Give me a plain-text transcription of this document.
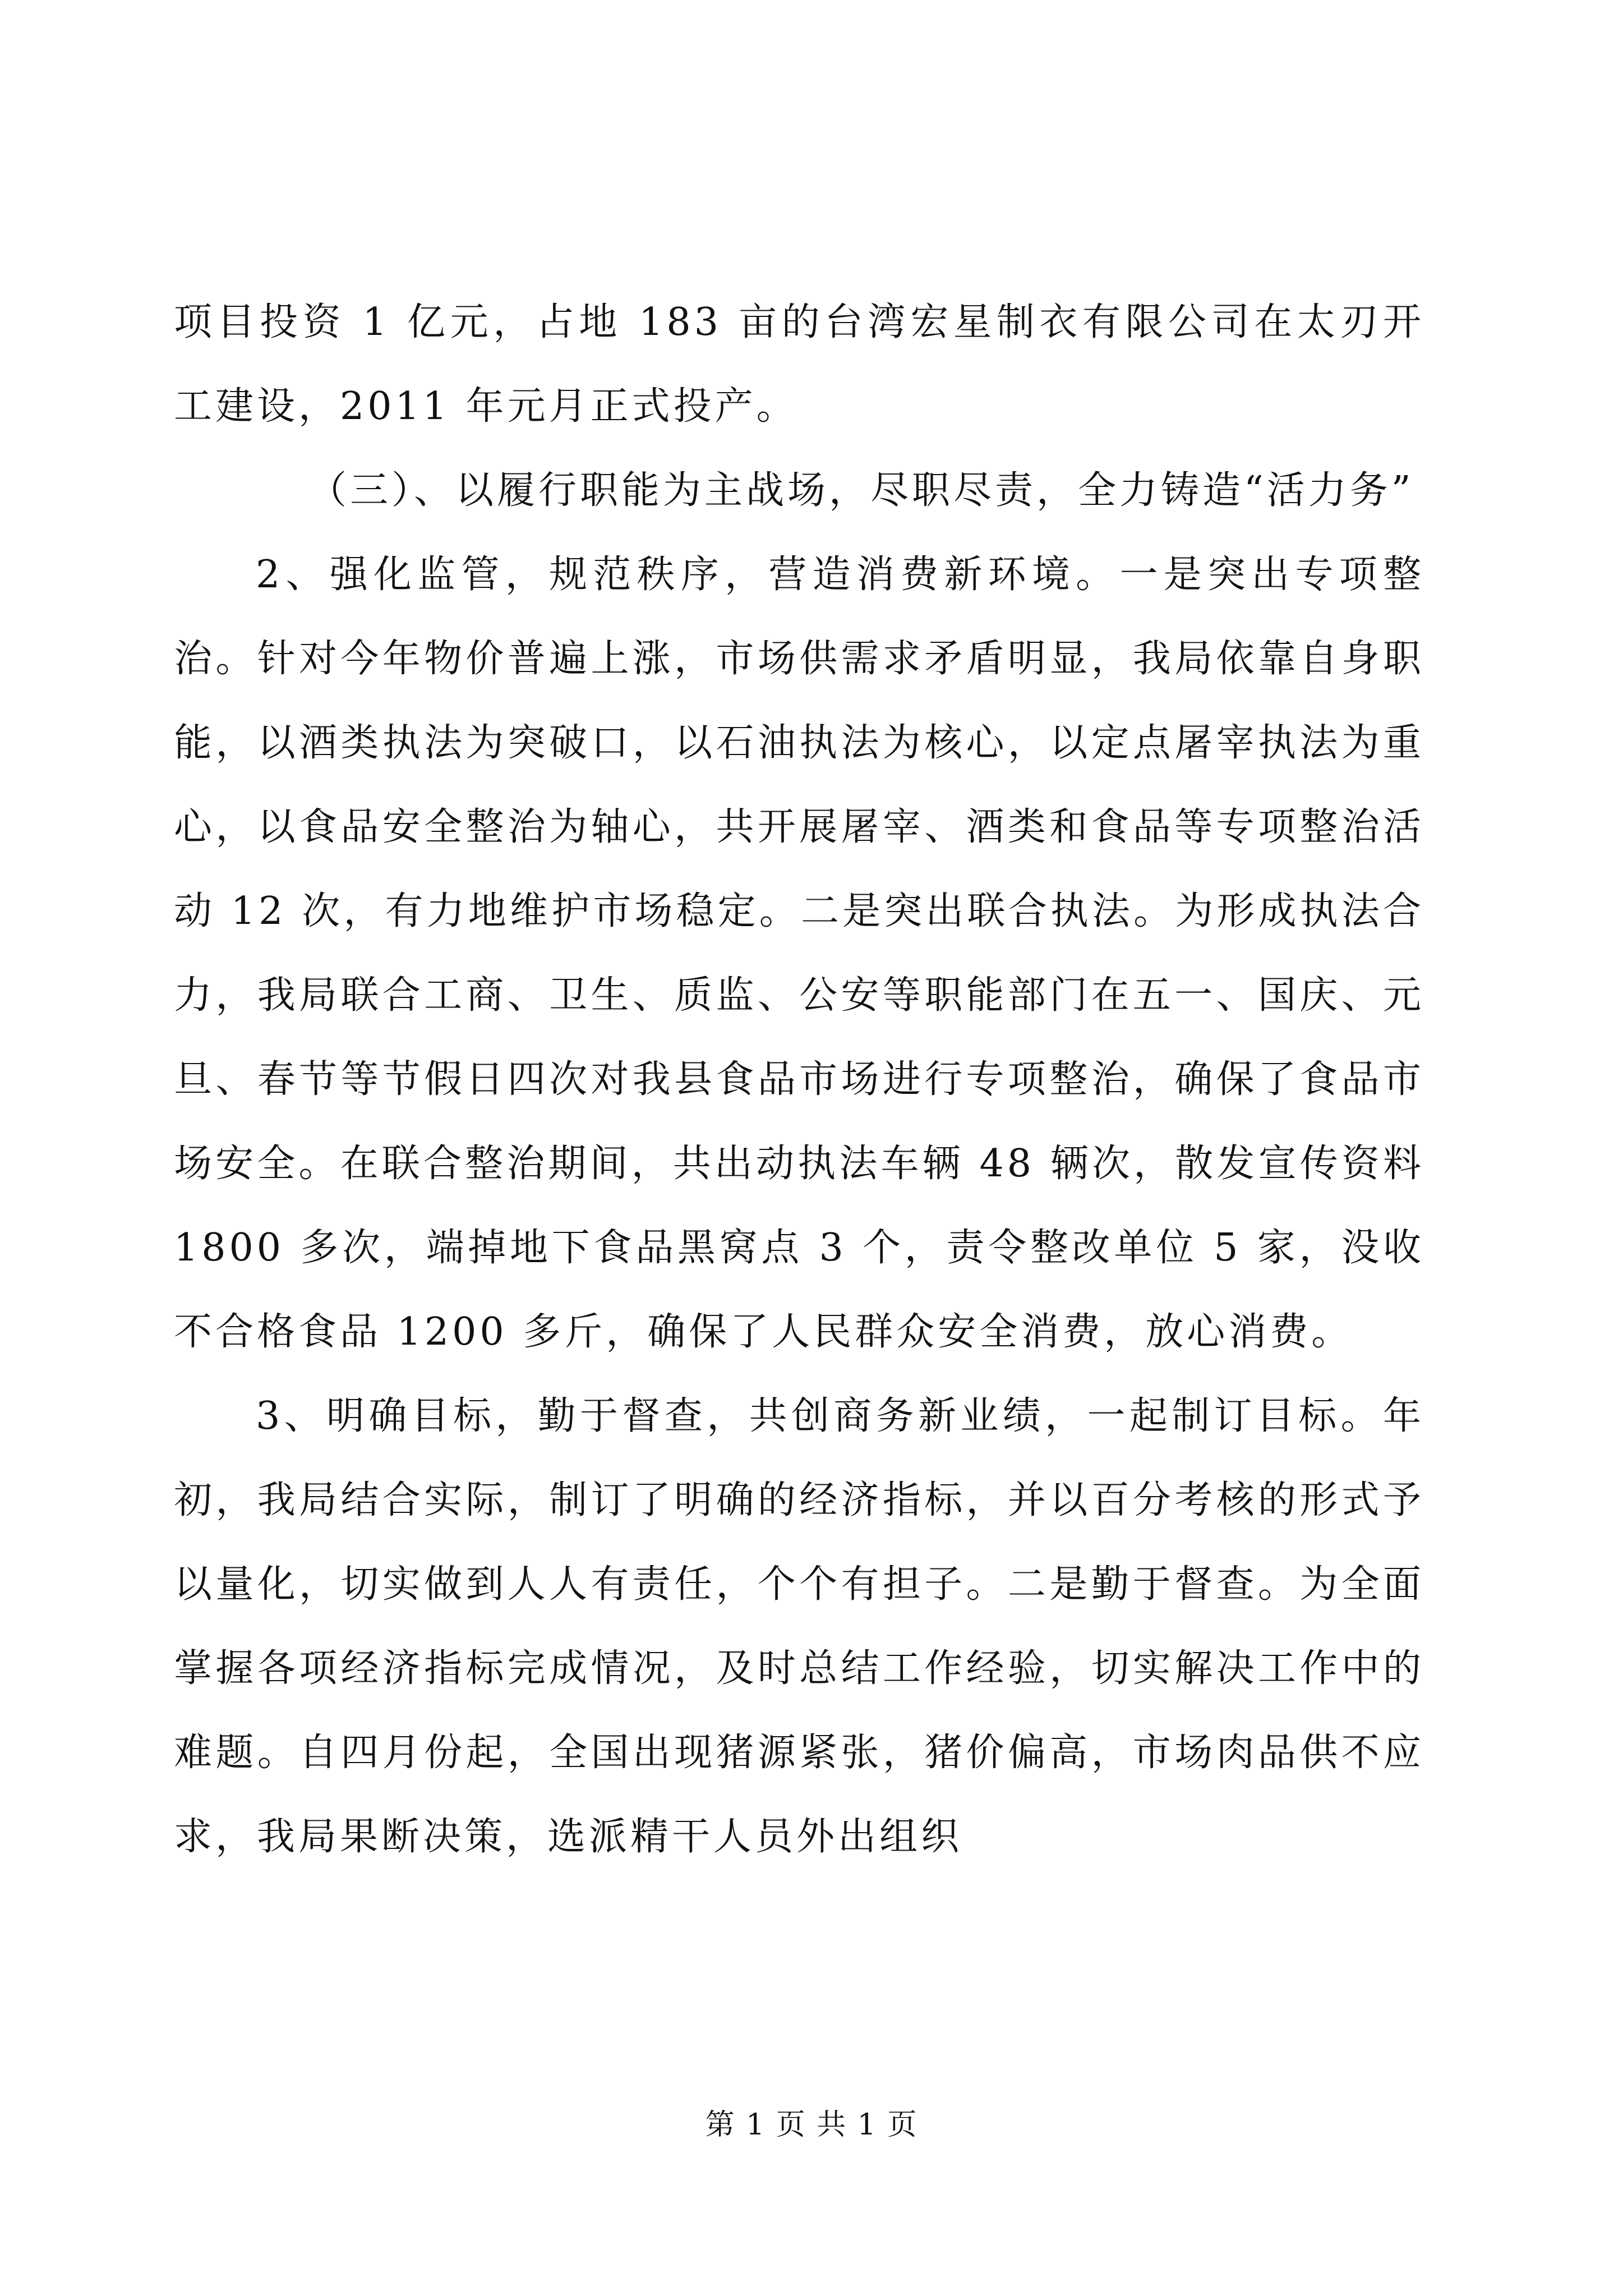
项目投资 1 亿元，占地 183 亩的台湾宏星制衣有限公司在太刃开工建设，2011 年元月正式投产。

（三）、以履行职能为主战场，尽职尽责，全力铸造“活力务”

2、强化监管，规范秩序，营造消费新环境。一是突出专项整治。针对今年物价普遍上涨，市场供需求矛盾明显，我局依靠自身职能，以酒类执法为突破口，以石油执法为核心，以定点屠宰执法为重心，以食品安全整治为轴心，共开展屠宰、酒类和食品等专项整治活动 12 次，有力地维护市场稳定。二是突出联合执法。为形成执法合力，我局联合工商、卫生、质监、公安等职能部门在五一、国庆、元旦、春节等节假日四次对我县食品市场进行专项整治，确保了食品市场安全。在联合整治期间，共出动执法车辆 48 辆次，散发宣传资料 1800 多次，端掉地下食品黑窝点 3 个，责令整改单位 5 家，没收不合格食品 1200 多斤，确保了人民群众安全消费，放心消费。

3、明确目标，勤于督查，共创商务新业绩，一起制订目标。年初，我局结合实际，制订了明确的经济指标，并以百分考核的形式予以量化，切实做到人人有责任，个个有担子。二是勤于督查。为全面掌握各项经济指标完成情况，及时总结工作经验，切实解决工作中的难题。自四月份起，全国出现猪源紧张，猪价偏高，市场肉品供不应求，我局果断决策，选派精干人员外出组织

第 1 页 共 1 页
